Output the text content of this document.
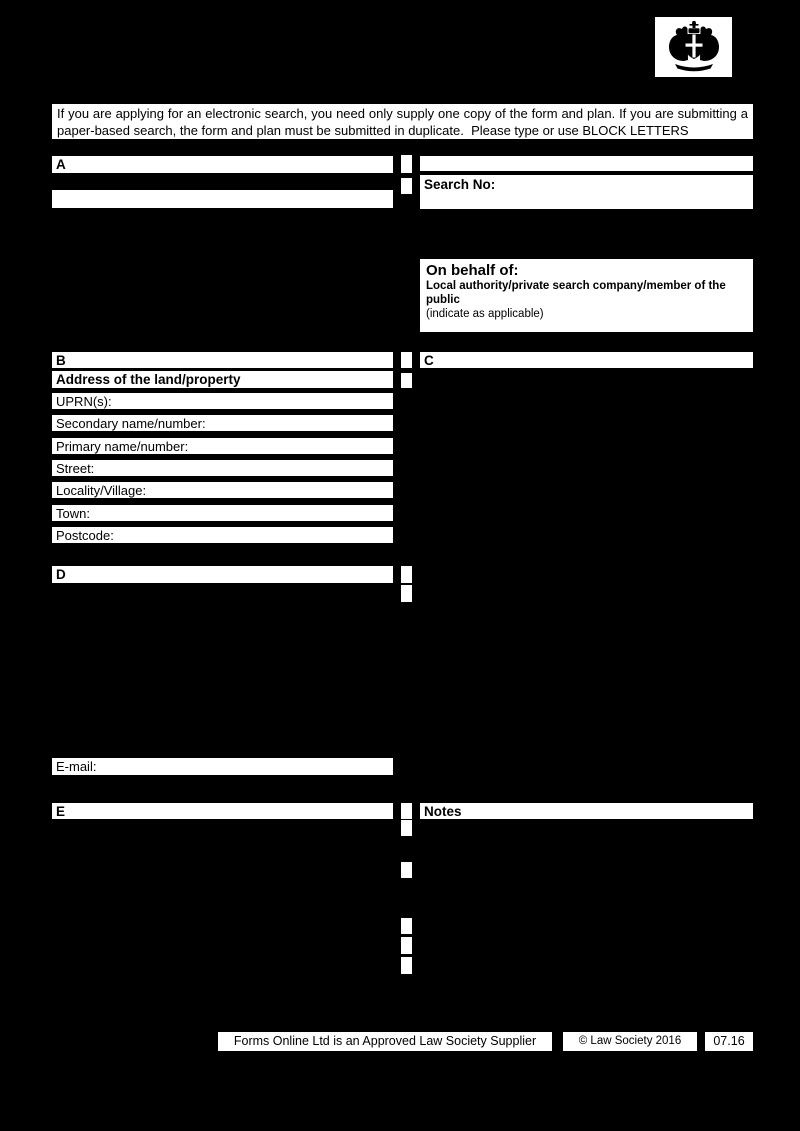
If you are applying for an electronic search, you need only supply one copy of the form and plan. If you are submitting a
paper-based search, the form and plan must be submitted in duplicate.  Please type or use BLOCK LETTERS
A
Search No:
On behalf of:
Local authority/private search company/member of the public
(indicate as applicable)
Dated:
B
Address of the land/property
UPRN(s):
Secondary name/number:
Primary name/number:
Street:
Locality/Village:
Town:
Postcode:
C
D
E-mail:
E	Notes
Forms Online Ltd is an Approved Law Society Supplier	© Law Society 2016	07.16
